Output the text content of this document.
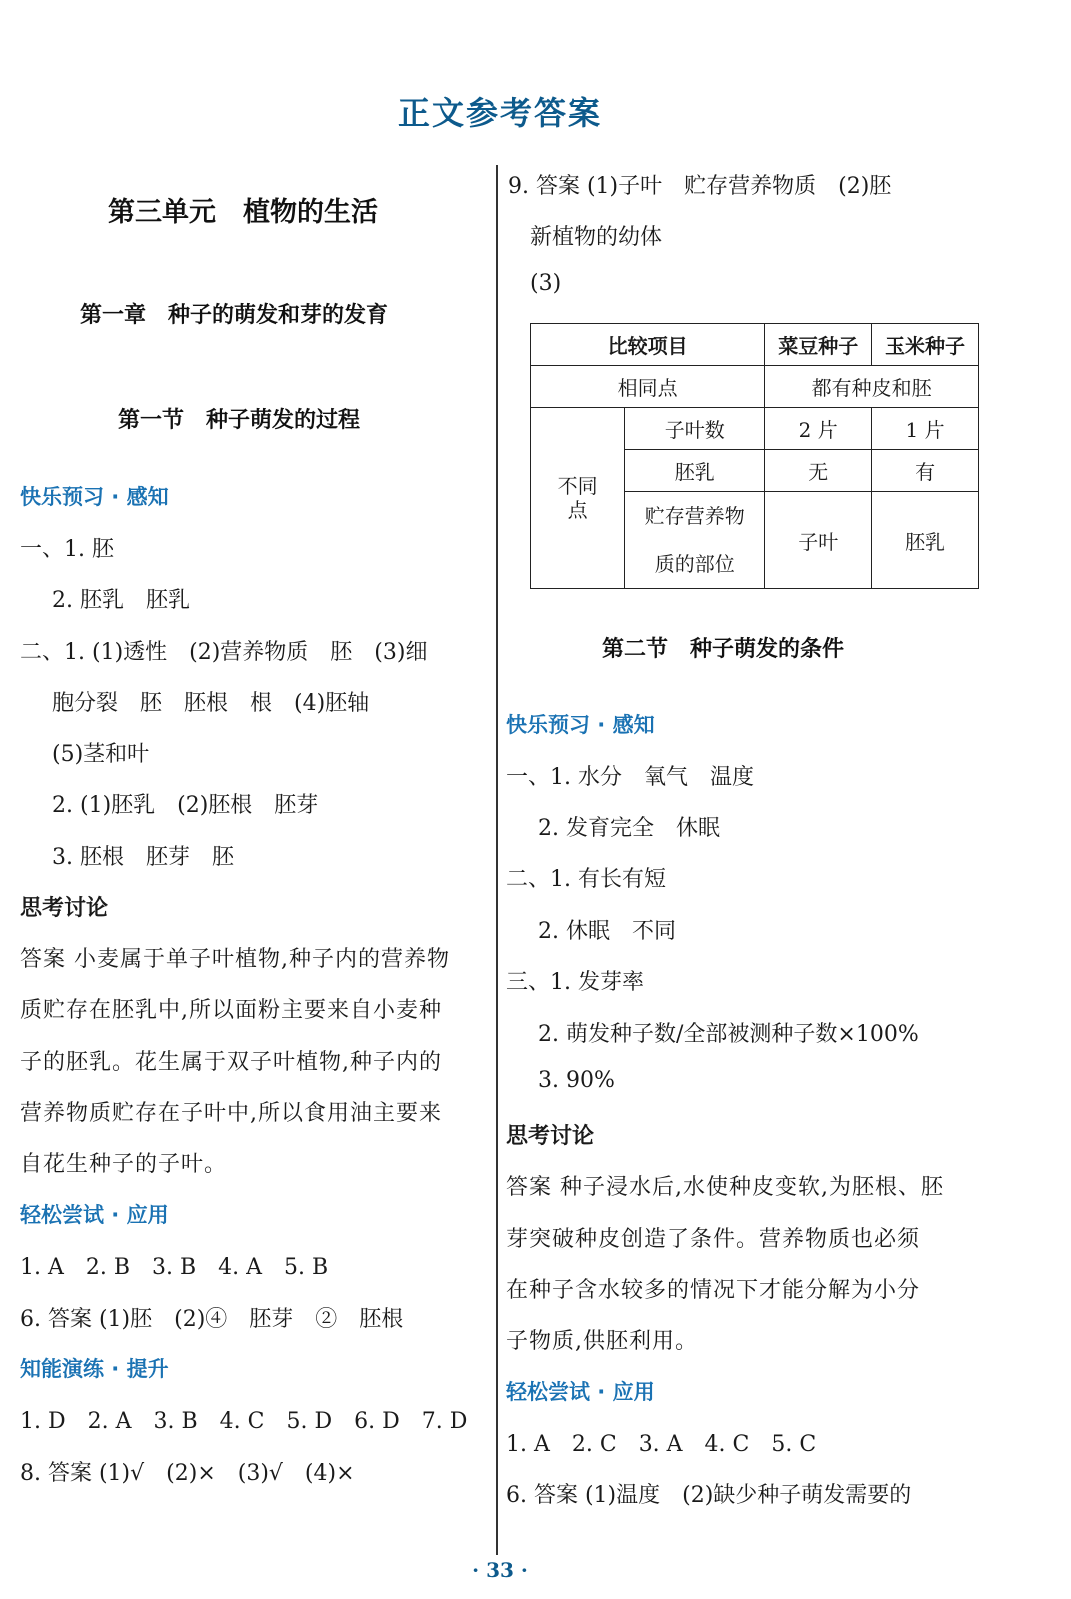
正文参考答案
第三单元　植物的生活
第一章　种子的萌发和芽的发育
第一节　种子萌发的过程
快乐预习 · 感知
一、1. 胚
2. 胚乳　胚乳
二、1. (1)透性　(2)营养物质　胚　(3)细
胞分裂　胚　胚根　根　(4)胚轴
(5)茎和叶
2. (1)胚乳　(2)胚根　胚芽
3. 胚根　胚芽　胚
思考讨论
答案 小麦属于单子叶植物,种子内的营养物
质贮存在胚乳中,所以面粉主要来自小麦种
子的胚乳。花生属于双子叶植物,种子内的
营养物质贮存在子叶中,所以食用油主要来
自花生种子的子叶。
轻松尝试 · 应用
1. A　2. B　3. B　4. A　5. B
6. 答案 (1)胚　(2)④　胚芽　②　胚根
知能演练 · 提升
1. D　2. A　3. B　4. C　5. D　6. D　7. D
8. 答案 (1)√　(2)×　(3)√　(4)×
9. 答案 (1)子叶　贮存营养物质　(2)胚
新植物的幼体
(3)
比较项目		菜豆种子	玉米种子
相同点		都有种皮和胚	
不同点	子叶数	2 片	1 片
	胚乳	无	有
	贮存营养物质的部位	子叶	胚乳
第二节　种子萌发的条件
快乐预习 · 感知
一、1. 水分　氧气　温度
2. 发育完全　休眠
二、1. 有长有短
2. 休眠　不同
三、1. 发芽率
2. 萌发种子数/全部被测种子数×100%
3. 90%
思考讨论
答案 种子浸水后,水使种皮变软,为胚根、胚
芽突破种皮创造了条件。营养物质也必须
在种子含水较多的情况下才能分解为小分
子物质,供胚利用。
轻松尝试 · 应用
1. A　2. C　3. A　4. C　5. C
6. 答案 (1)温度　(2)缺少种子萌发需要的
· 33 ·
